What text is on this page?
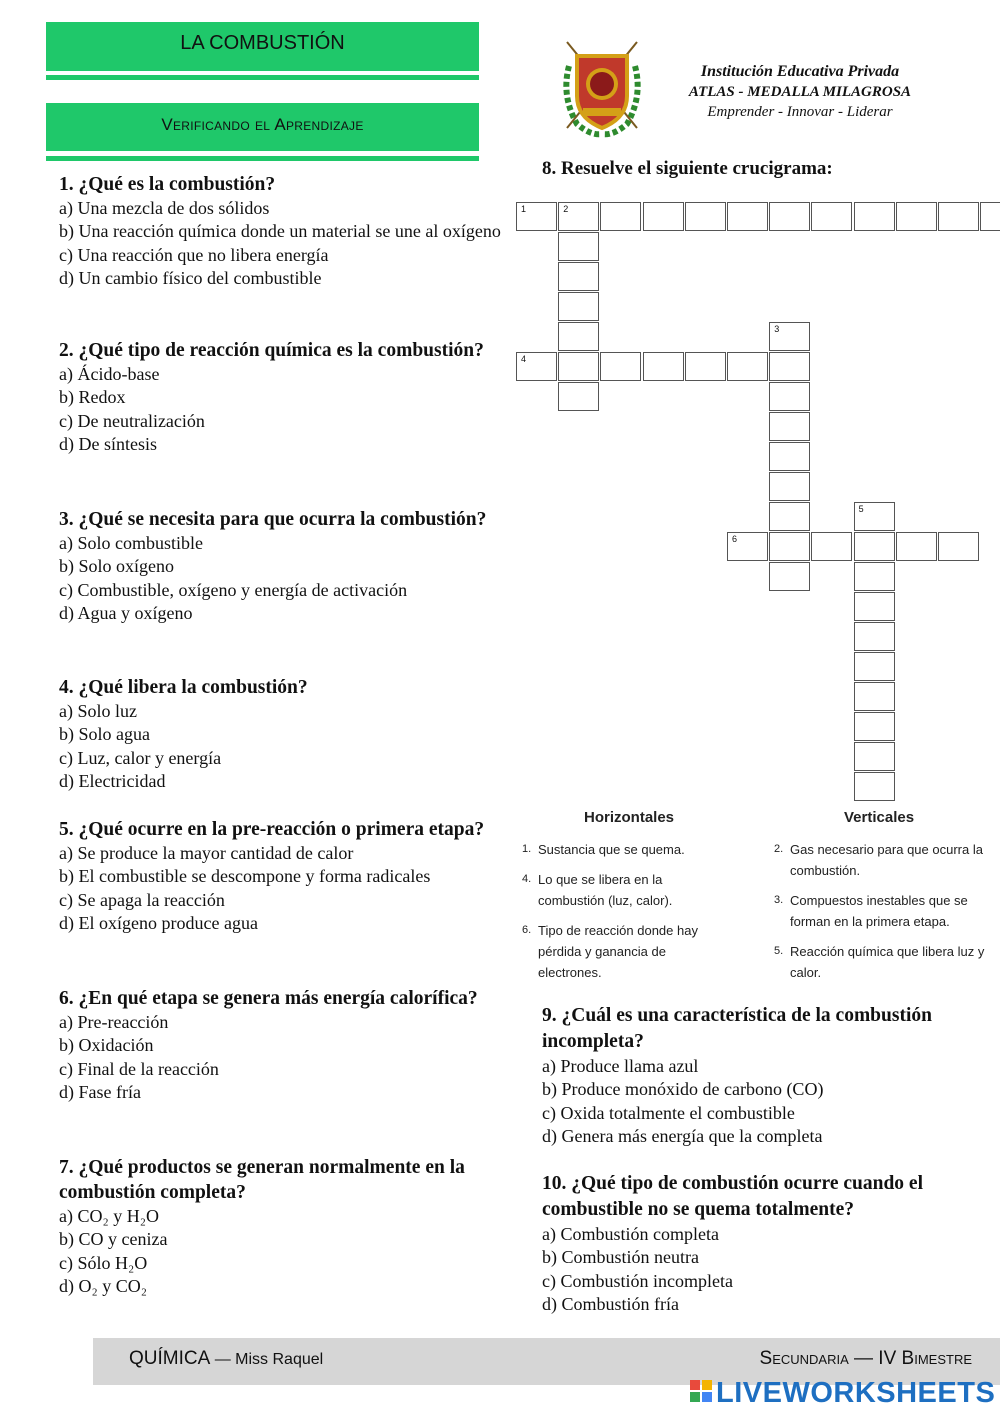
LA COMBUSTIÓN
Verificando el Aprendizaje
Institución Educativa Privada
ATLAS - MEDALLA MILAGROSA
Emprender - Innovar - Liderar
1. ¿Qué es la combustión?
a) Una mezcla de dos sólidos
b) Una reacción química donde un material se une al oxígeno
c) Una reacción que no libera energía
d) Un cambio físico del combustible
2. ¿Qué tipo de reacción química es la combustión?
a) Ácido-base
b) Redox
c) De neutralización
d) De síntesis
3. ¿Qué se necesita para que ocurra la combustión?
a) Solo combustible
b) Solo oxígeno
c) Combustible, oxígeno y energía de activación
d) Agua y oxígeno
4. ¿Qué libera la combustión?
a) Solo luz
b) Solo agua
c) Luz, calor y energía
d) Electricidad
5. ¿Qué ocurre en la pre-reacción o primera etapa?
a) Se produce la mayor cantidad de calor
b) El combustible se descompone y forma radicales
c) Se apaga la reacción
d) El oxígeno produce agua
6. ¿En qué etapa se genera más energía calorífica?
a) Pre-reacción
b) Oxidación
c) Final de la reacción
d) Fase fría
7. ¿Qué productos se generan normalmente en la combustión completa?
a) CO₂ y H₂O
b) CO y ceniza
c) Sólo H₂O
d) O₂ y CO₂
8. Resuelve el siguiente crucigrama:
1	2
3
4
5
6
Horizontales	Verticales
1. Sustancia que se quema.
4. Lo que se libera en la combustión (luz, calor).
6. Tipo de reacción donde hay pérdida y ganancia de electrones.
2. Gas necesario para que ocurra la combustión.
3. Compuestos inestables que se forman en la primera etapa.
5. Reacción química que libera luz y calor.
9. ¿Cuál es una característica de la combustión incompleta?
a) Produce llama azul
b) Produce monóxido de carbono (CO)
c) Oxida totalmente el combustible
d) Genera más energía que la completa
10. ¿Qué tipo de combustión ocurre cuando el combustible no se quema totalmente?
a) Combustión completa
b) Combustión neutra
c) Combustión incompleta
d) Combustión fría
QUÍMICA — Miss Raquel	Secundaria — IV Bimestre
LIVEWORKSHEETS
